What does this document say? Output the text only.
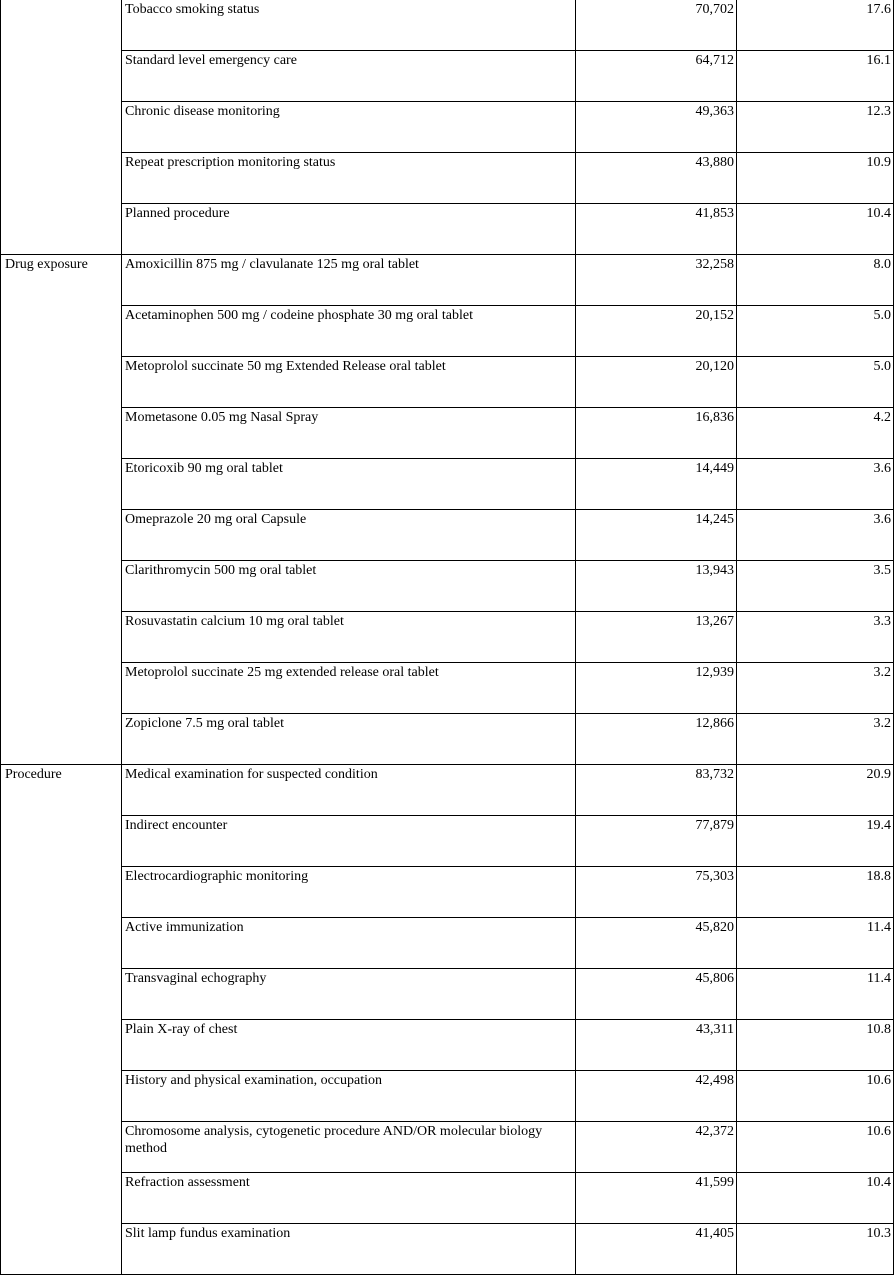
	Tobacco smoking status	70,702	17.6
	Standard level emergency care	64,712	16.1
	Chronic disease monitoring	49,363	12.3
	Repeat prescription monitoring status	43,880	10.9
	Planned procedure	41,853	10.4
Drug exposure	Amoxicillin 875 mg / clavulanate 125 mg oral tablet	32,258	8.0
	Acetaminophen 500 mg / codeine phosphate 30 mg oral tablet	20,152	5.0
	Metoprolol succinate 50 mg Extended Release oral tablet	20,120	5.0
	Mometasone 0.05 mg Nasal Spray	16,836	4.2
	Etoricoxib 90 mg oral tablet	14,449	3.6
	Omeprazole 20 mg oral Capsule	14,245	3.6
	Clarithromycin 500 mg oral tablet	13,943	3.5
	Rosuvastatin calcium 10 mg oral tablet	13,267	3.3
	Metoprolol succinate 25 mg extended release oral tablet	12,939	3.2
	Zopiclone 7.5 mg oral tablet	12,866	3.2
Procedure	Medical examination for suspected condition	83,732	20.9
	Indirect encounter	77,879	19.4
	Electrocardiographic monitoring	75,303	18.8
	Active immunization	45,820	11.4
	Transvaginal echography	45,806	11.4
	Plain X-ray of chest	43,311	10.8
	History and physical examination, occupation	42,498	10.6
	Chromosome analysis, cytogenetic procedure AND/OR molecular biology method	42,372	10.6
	Refraction assessment	41,599	10.4
	Slit lamp fundus examination	41,405	10.3
